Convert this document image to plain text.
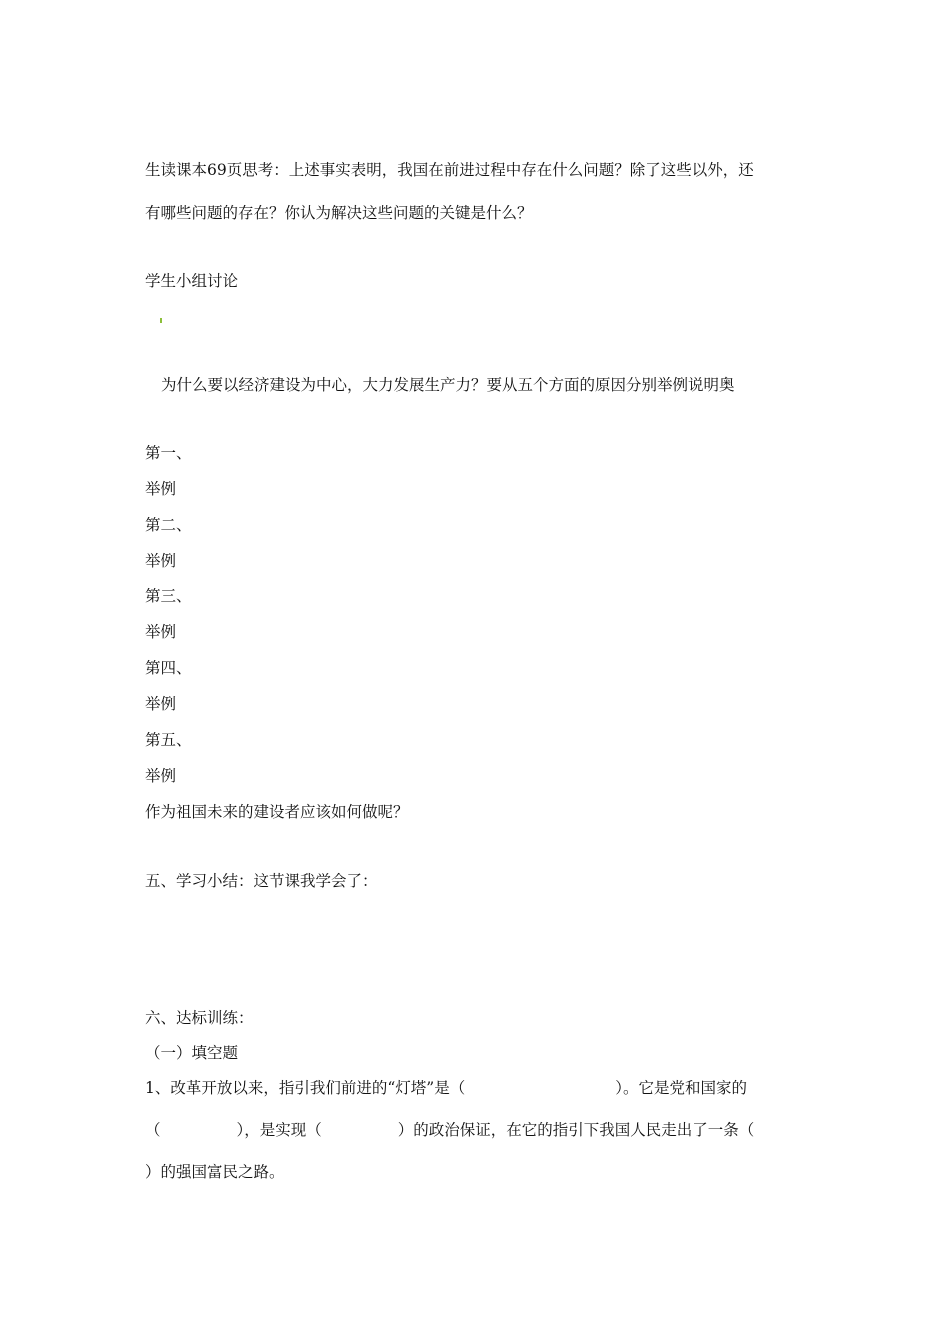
生读课本69页思考：上述事实表明，我国在前进过程中存在什么问题？除了这些以外，还
有哪些问题的存在？你认为解决这些问题的关键是什么？
学生小组讨论
为什么要以经济建设为中心，大力发展生产力？要从五个方面的原因分别举例说明奥
第一、
举例
第二、
举例
第三、
举例
第四、
举例
第五、
举例
作为祖国未来的建设者应该如何做呢？
五、学习小结：这节课我学会了：
六、达标训练：
（一）填空题
1、改革开放以来，指引我们前进的“灯塔”是（	）。它是党和国家的
（	），是实现（	）的政治保证，在它的指引下我国人民走出了一条（
）的强国富民之路。
